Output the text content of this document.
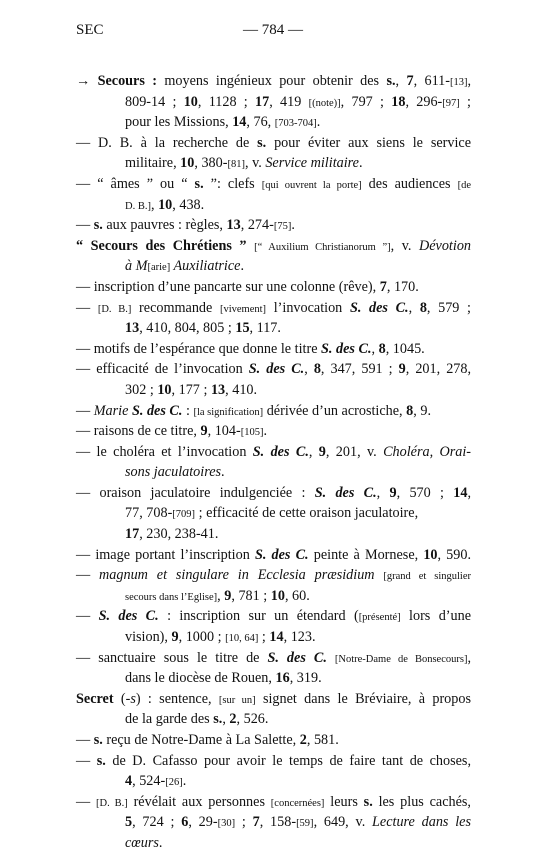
SEC	— 784 —
→ Secours : moyens ingénieux pour obtenir des s., 7, 611-[13],
809-14 ; 10, 1128 ; 17, 419 [(note)], 797 ; 18, 296-[97] ;
pour les Missions, 14, 76, [703-704].
— D. B. à la recherche de s. pour éviter aux siens le service
militaire, 10, 380-[81], v. Service militaire.
— “ âmes ” ou “ s. ”: clefs [qui ouvrent la porte] des audiences [de
D. B.], 10, 438.
— s. aux pauvres : règles, 13, 274-[75].
“ Secours des Chrétiens ” [“ Auxilium Christianorum ”], v. Dévotion
à M[arie] Auxiliatrice.
— inscription d’une pancarte sur une colonne (rêve), 7, 170.
— [D. B.] recommande [vivement] l’invocation S. des C., 8, 579 ;
13, 410, 804, 805 ; 15, 117.
— motifs de l’espérance que donne le titre S. des C., 8, 1045.
— efficacité de l’invocation S. des C., 8, 347, 591 ; 9, 201, 278,
302 ; 10, 177 ; 13, 410.
— Marie S. des C. : [la signification] dérivée d’un acrostiche, 8, 9.
— raisons de ce titre, 9, 104-[105].
— le choléra et l’invocation S. des C., 9, 201, v. Choléra, Orai-
sons jaculatoires.
— oraison jaculatoire indulgenciée : S. des C., 9, 570 ; 14,
77, 708-[709] ; efficacité de cette oraison jaculatoire,
17, 230, 238-41.
— image portant l’inscription S. des C. peinte à Mornese, 10, 590.
— magnum et singulare in Ecclesia præsidium [grand et singulier
secours dans l’Eglise], 9, 781 ; 10, 60.
— S. des C. : inscription sur un étendard ([présenté] lors d’une
vision), 9, 1000 ; [10, 64] ; 14, 123.
— sanctuaire sous le titre de S. des C. [Notre-Dame de Bonsecours],
dans le diocèse de Rouen, 16, 319.
Secret (-s) : sentence, [sur un] signet dans le Bréviaire, à propos
de la garde des s., 2, 526.
— s. reçu de Notre-Dame à La Salette, 2, 581.
— s. de D. Cafasso pour avoir le temps de faire tant de choses,
4, 524-[26].
— [D. B.] révélait aux personnes [concernées] leurs s. les plus cachés,
5, 724 ; 6, 29-[30] ; 7, 158-[59], 649, v. Lecture dans les
cœurs.
